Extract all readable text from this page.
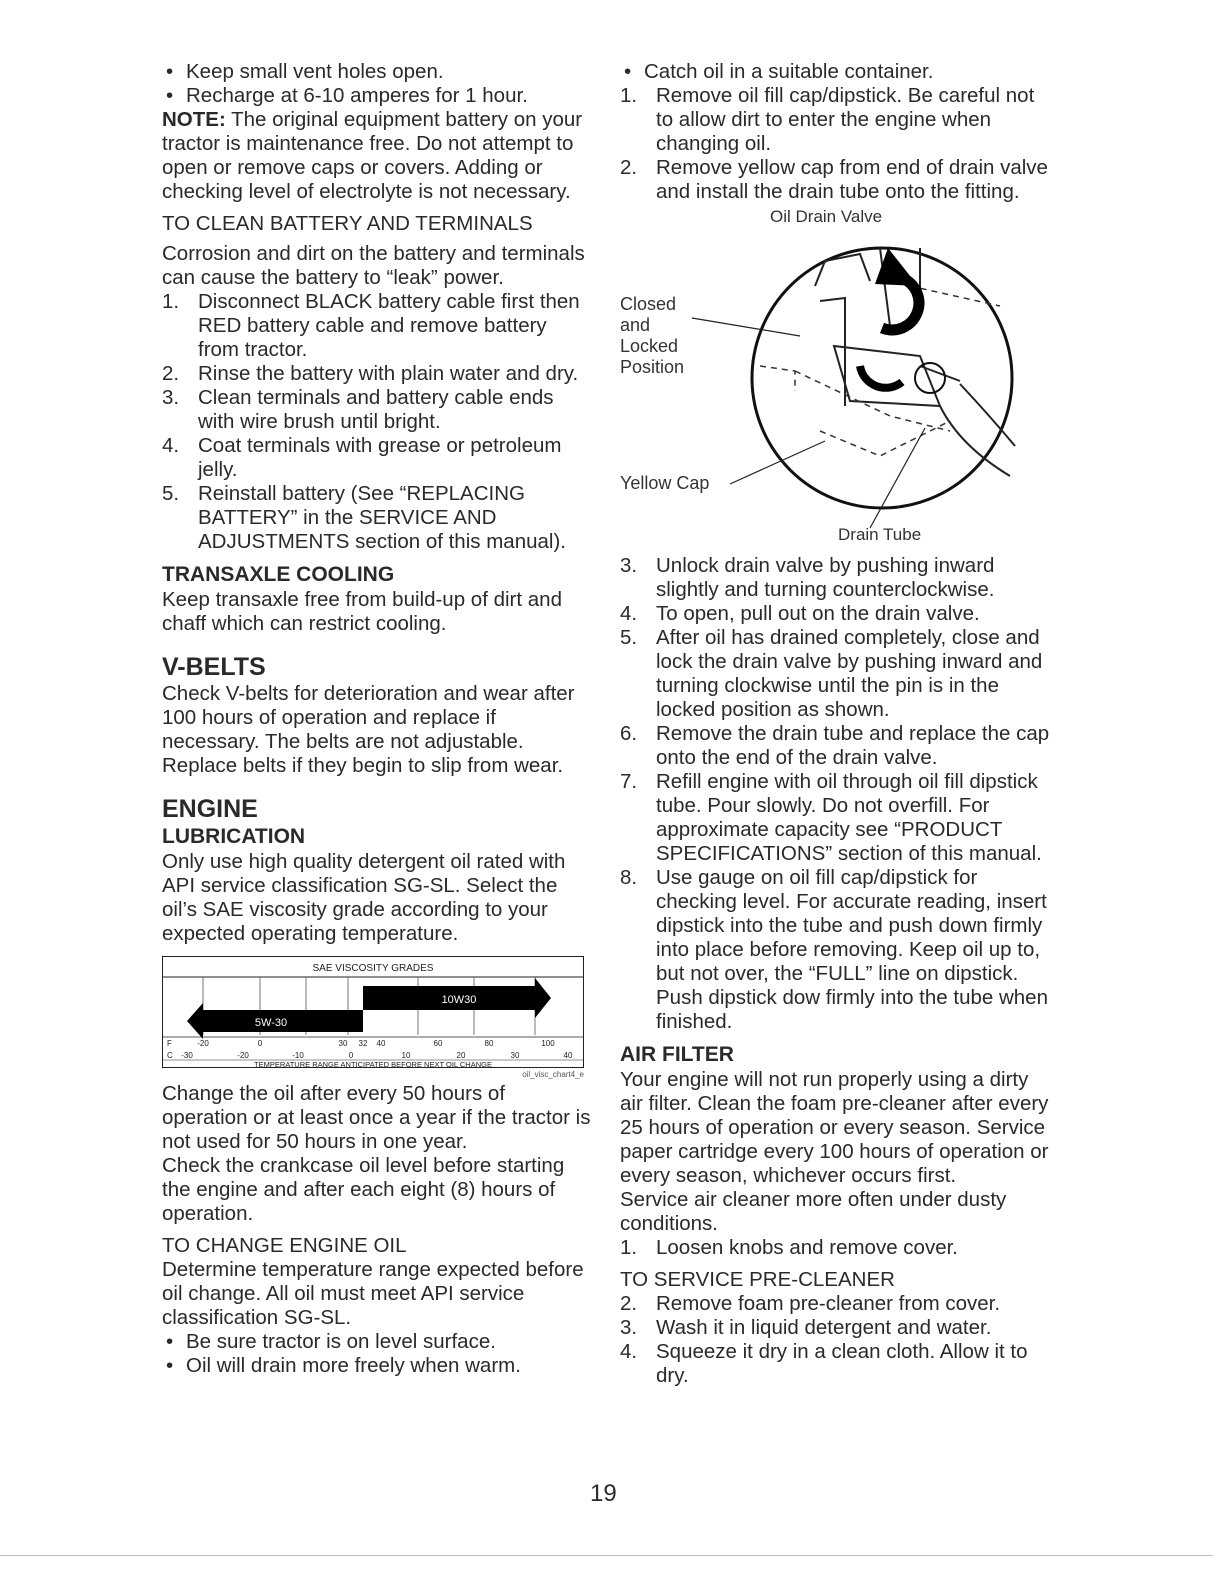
• Keep small vent holes open.

• Recharge at 6-10 amperes for 1 hour.

NOTE: The original equipment battery on your tractor is maintenance free. Do not attempt to open or remove caps or covers. Adding or checking level of electrolyte is not necessary.

TO CLEAN BATTERY AND TERMINALS

Corrosion and dirt on the battery and terminals can cause the battery to “leak” power.

1. Disconnect BLACK battery cable first then RED battery cable and remove battery from tractor.

2. Rinse the battery with plain water and dry.

3. Clean terminals and battery cable ends with wire brush until bright.

4. Coat terminals with grease or petroleum jelly.

5. Reinstall battery (See “REPLACING BATTERY” in the SERVICE AND ADJUSTMENTS section of this manual).

TRANSAXLE COOLING

Keep transaxle free from build-up of dirt and chaff which can restrict cooling.

V-BELTS

Check V-belts for deterioration and wear after 100 hours of operation and replace if necessary. The belts are not adjustable. Replace belts if they begin to slip from wear.

ENGINE

LUBRICATION

Only use high quality detergent oil rated with API service classification SG-SL. Select the oil’s SAE viscosity grade according to your expected operating temperature.

SAE VISCOSITY GRADES
10W30
5W-30
F	-20	0	30 32 40	60	80	100
C -30	-20	-10	0	10	20	30	40
TEMPERATURE RANGE ANTICIPATED BEFORE NEXT OIL CHANGE
oil_visc_chart4_e

Change the oil after every 50 hours of operation or at least once a year if the tractor is not used for 50 hours in one year.

Check the crankcase oil level before starting the engine and after each eight (8) hours of operation.

TO CHANGE ENGINE OIL

Determine temperature range expected before oil change. All oil must meet API service classification SG-SL.

• Be sure tractor is on level surface.

• Oil will drain more freely when warm.

• Catch oil in a suitable container.

1. Remove oil fill cap/dipstick. Be careful not to allow dirt to enter the engine when changing oil.

2. Remove yellow cap from end of drain valve and install the drain tube onto the fitting.

Oil Drain Valve
Closed
and
Locked
Position
Yellow Cap
Drain Tube

3. Unlock drain valve by pushing inward slightly and turning counterclockwise.

4. To open, pull out on the drain valve.

5. After oil has drained completely, close and lock the drain valve by pushing inward and turning clockwise until the pin is in the locked position as shown.

6. Remove the drain tube and replace the cap onto the end of the drain valve.

7. Refill engine with oil through oil fill dipstick tube. Pour slowly. Do not overfill. For approximate capacity see “PRODUCT SPECIFICATIONS” section of this manual.

8. Use gauge on oil fill cap/dipstick for checking level. For accurate reading, insert dipstick into the tube and push down firmly into place before removing. Keep oil up to, but not over, the “FULL” line on dipstick. Push dipstick dow firmly into the tube when finished.

AIR FILTER

Your engine will not run properly using a dirty air filter. Clean the foam pre-cleaner after every 25 hours of operation or every season. Service paper cartridge every 100 hours of operation or every season, whichever occurs first.

Service air cleaner more often under dusty conditions.

1. Loosen knobs and remove cover.

TO SERVICE PRE-CLEANER

2. Remove foam pre-cleaner from cover.

3. Wash it in liquid detergent and water.

4. Squeeze it dry in a clean cloth. Allow it to dry.

19
